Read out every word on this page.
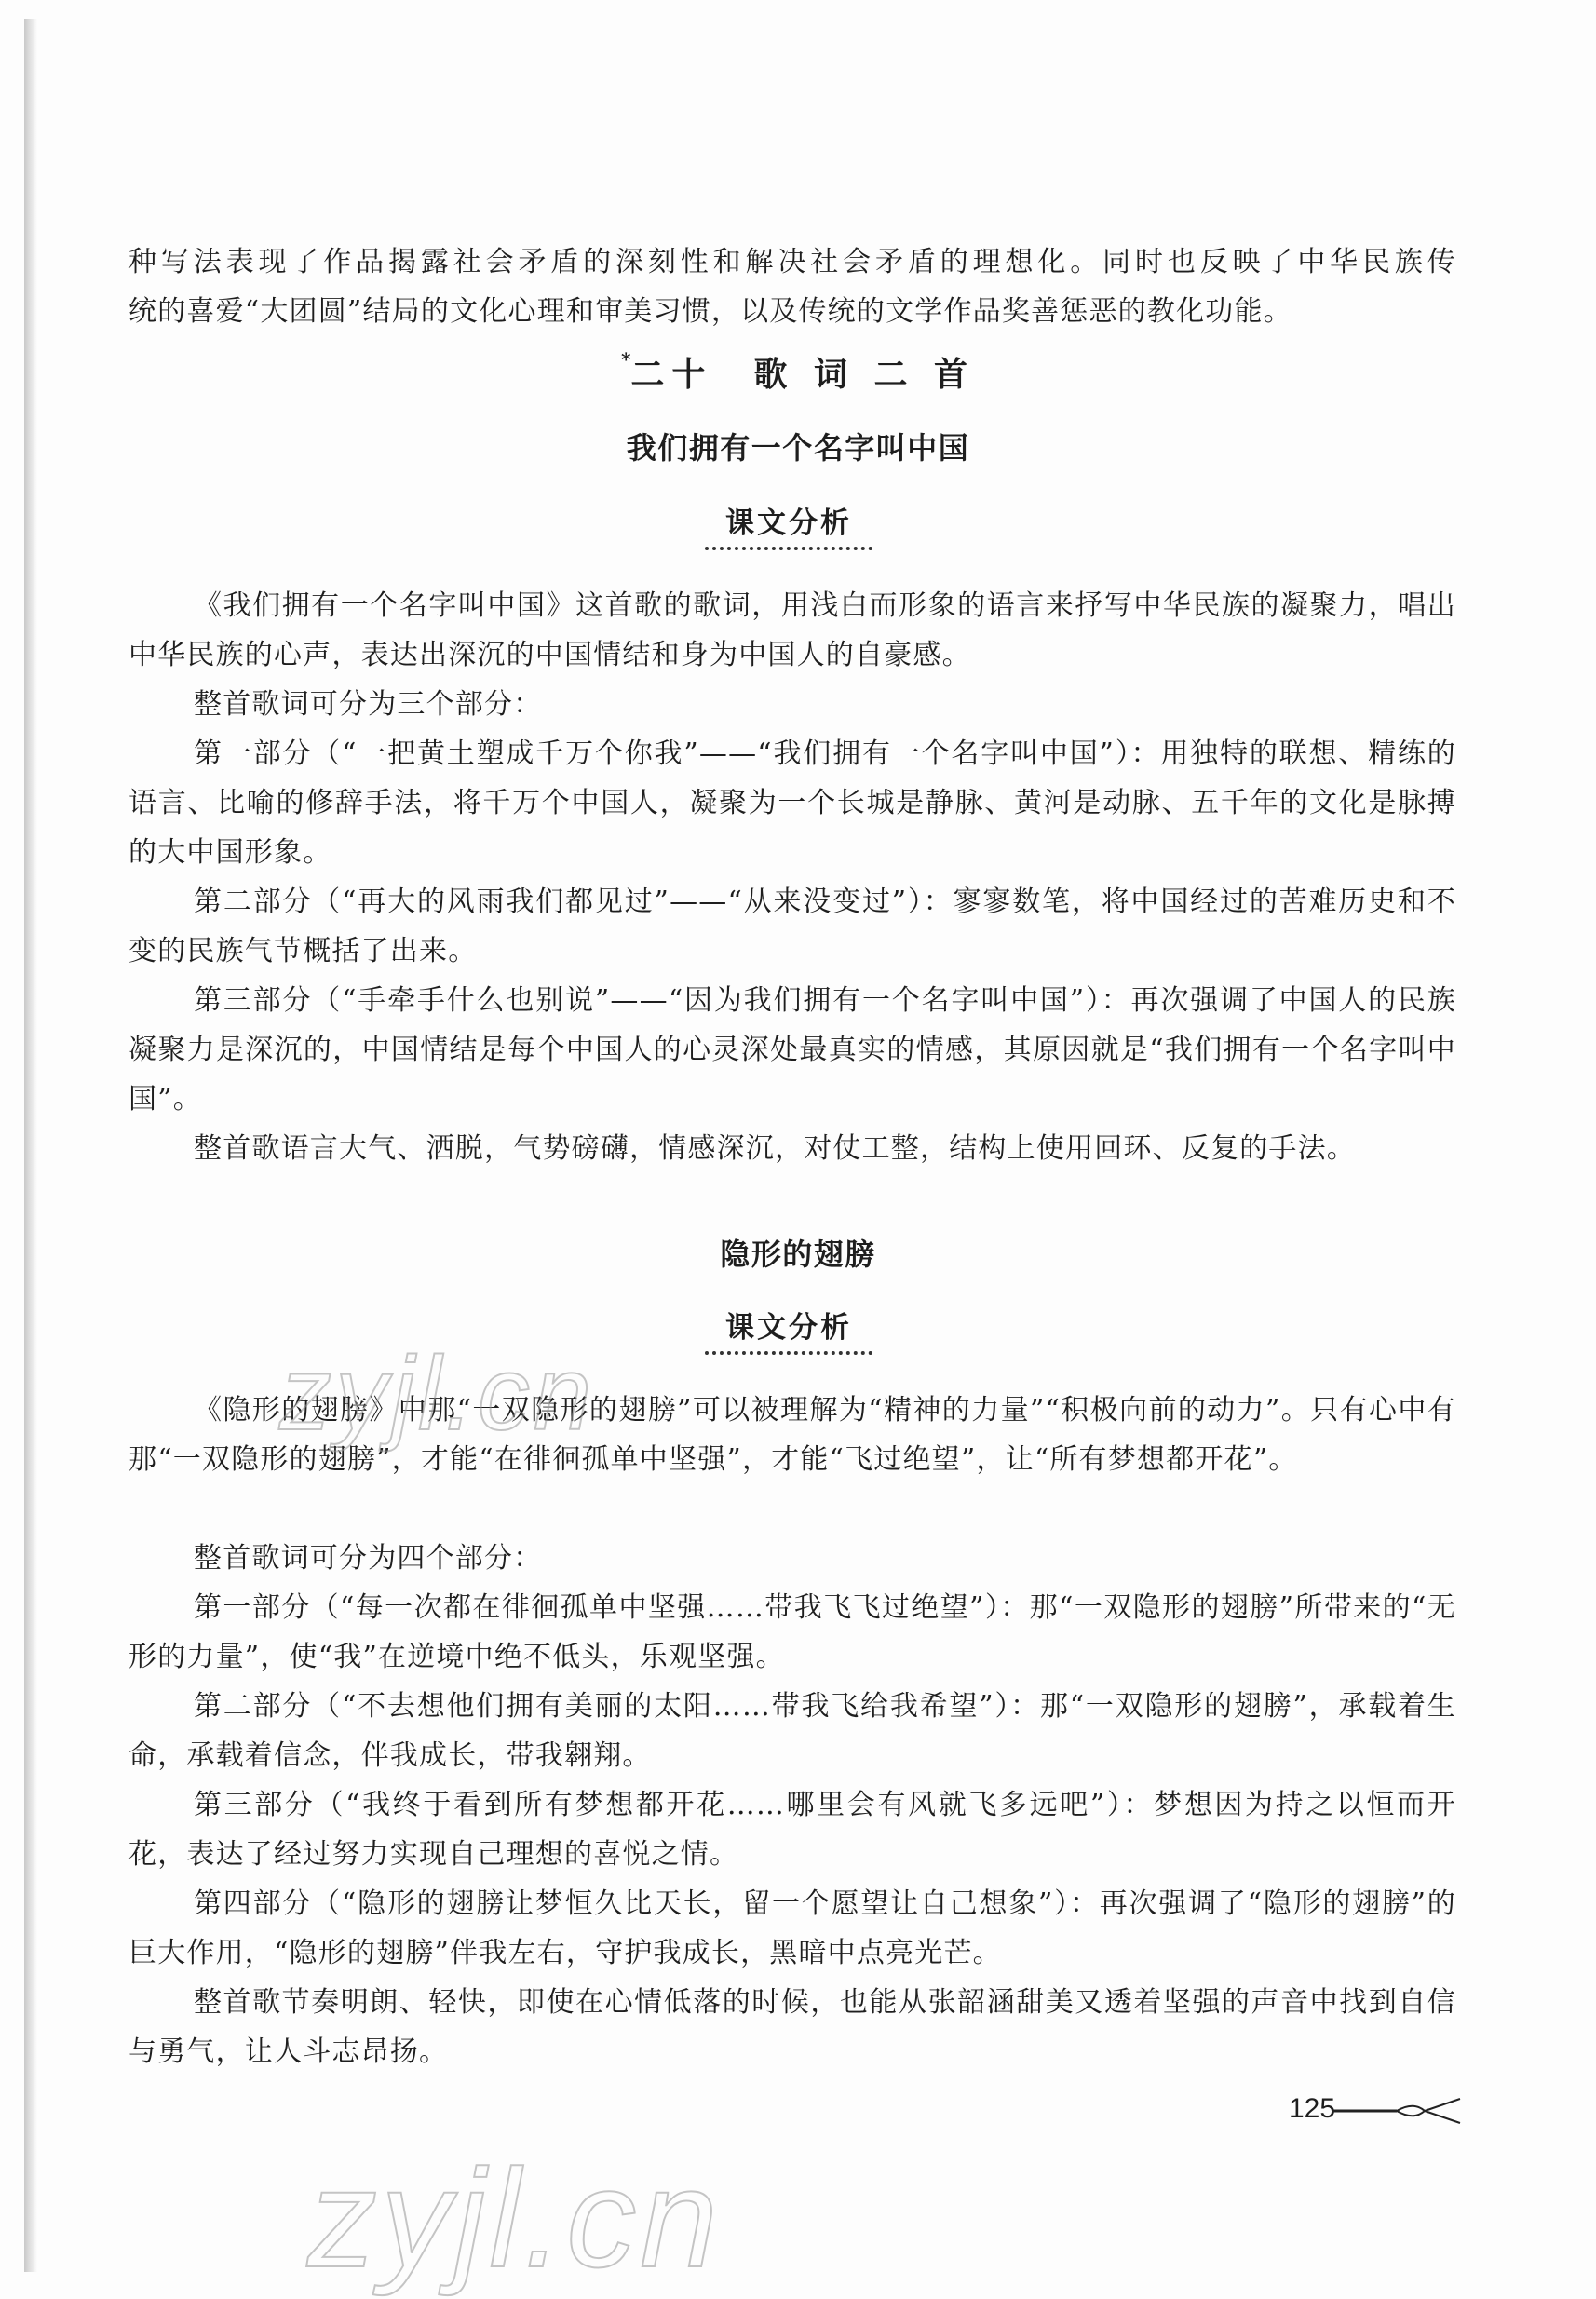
种写法表现了作品揭露社会矛盾的深刻性和解决社会矛盾的理想化。同时也反映了中华民族传

统的喜爱“大团圆”结局的文化心理和审美习惯，以及传统的文学作品奖善惩恶的教化功能。

*二十　歌 词 二 首
我们拥有一个名字叫中国
课文分析

《我们拥有一个名字叫中国》这首歌的歌词，用浅白而形象的语言来抒写中华民族的凝聚力，唱出中华民族的心声，表达出深沉的中国情结和身为中国人的自豪感。

整首歌词可分为三个部分：

第一部分（“一把黄土塑成千万个你我”——“我们拥有一个名字叫中国”）：用独特的联想、精练的语言、比喻的修辞手法，将千万个中国人，凝聚为一个长城是静脉、黄河是动脉、五千年的文化是脉搏的大中国形象。

第二部分（“再大的风雨我们都见过”——“从来没变过”）：寥寥数笔，将中国经过的苦难历史和不变的民族气节概括了出来。

第三部分（“手牵手什么也别说”——“因为我们拥有一个名字叫中国”）：再次强调了中国人的民族凝聚力是深沉的，中国情结是每个中国人的心灵深处最真实的情感，其原因就是“我们拥有一个名字叫中国”。

整首歌语言大气、洒脱，气势磅礴，情感深沉，对仗工整，结构上使用回环、反复的手法。

隐形的翅膀
课文分析

《隐形的翅膀》中那“一双隐形的翅膀”可以被理解为“精神的力量”“积极向前的动力”。只有心中有那“一双隐形的翅膀”，才能“在徘徊孤单中坚强”，才能“飞过绝望”，让“所有梦想都开花”。

整首歌词可分为四个部分：

第一部分（“每一次都在徘徊孤单中坚强……带我飞飞过绝望”）：那“一双隐形的翅膀”所带来的“无形的力量”，使“我”在逆境中绝不低头，乐观坚强。

第二部分（“不去想他们拥有美丽的太阳……带我飞给我希望”）：那“一双隐形的翅膀”，承载着生命，承载着信念，伴我成长，带我翱翔。

第三部分（“我终于看到所有梦想都开花……哪里会有风就飞多远吧”）：梦想因为持之以恒而开花，表达了经过努力实现自己理想的喜悦之情。

第四部分（“隐形的翅膀让梦恒久比天长，留一个愿望让自己想象”）：再次强调了“隐形的翅膀”的巨大作用，“隐形的翅膀”伴我左右，守护我成长，黑暗中点亮光芒。

整首歌节奏明朗、轻快，即使在心情低落的时候，也能从张韶涵甜美又透着坚强的声音中找到自信与勇气，让人斗志昂扬。

125
zyjl.cn
zyjl.cn
